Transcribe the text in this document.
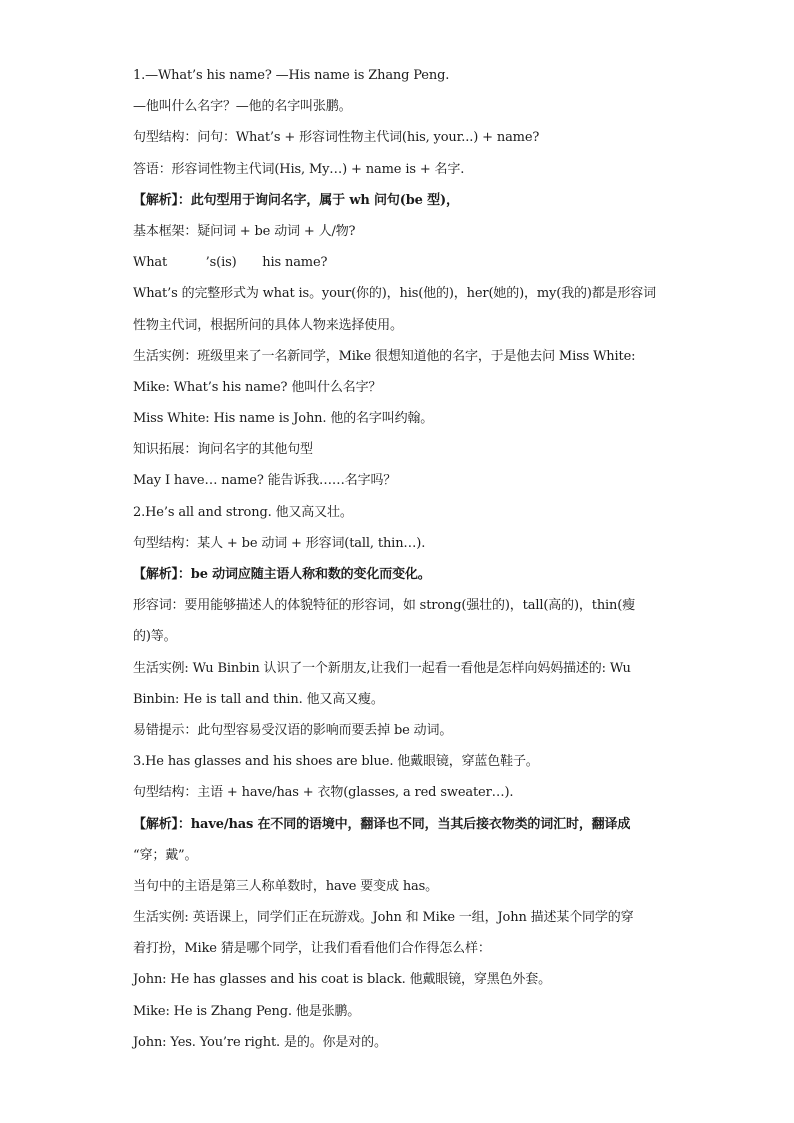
1.—What’s his name? —His name is Zhang Peng.
—他叫什么名字？—他的名字叫张鹏。
句型结构：问句：What’s + 形容词性物主代词(his, your...) + name?
答语：形容词性物主代词(His, My…) + name is + 名字.
【解析】：此句型用于询问名字，属于 wh 问句(be 型)，
基本框架：疑问词 + be 动词 + 人/物?
What　　　’s(is)　　his name?
What’s 的完整形式为 what is。your(你的)，his(他的)，her(她的)，my(我的)都是形容词
性物主代词，根据所问的具体人物来选择使用。
生活实例：班级里来了一名新同学，Mike 很想知道他的名字，于是他去问 Miss White:
Mike: What’s his name? 他叫什么名字？
Miss White: His name is John. 他的名字叫约翰。
知识拓展：询问名字的其他句型
May I have… name? 能告诉我……名字吗？
2.He’s all and strong. 他又高又壮。
句型结构：某人 + be 动词 + 形容词(tall, thin…).
【解析】：be 动词应随主语人称和数的变化而变化。
形容词：要用能够描述人的体貌特征的形容词，如 strong(强壮的)，tall(高的)，thin(瘦
的)等。
生活实例: Wu Binbin 认识了一个新朋友,让我们一起看一看他是怎样向妈妈描述的: Wu
Binbin: He is tall and thin. 他又高又瘦。
易错提示：此句型容易受汉语的影响而要丢掉 be 动词。
3.He has glasses and his shoes are blue. 他戴眼镜，穿蓝色鞋子。
句型结构：主语 + have/has + 衣物(glasses, a red sweater…).
【解析】：have/has 在不同的语境中，翻译也不同，当其后接衣物类的词汇时，翻译成
“穿；戴”。
当句中的主语是第三人称单数时，have 要变成 has。
生活实例: 英语课上，同学们正在玩游戏。John 和 Mike 一组，John 描述某个同学的穿
着打扮，Mike 猜是哪个同学，让我们看看他们合作得怎么样：
John: He has glasses and his coat is black. 他戴眼镜，穿黑色外套。
Mike: He is Zhang Peng. 他是张鹏。
John: Yes. You’re right. 是的。你是对的。
